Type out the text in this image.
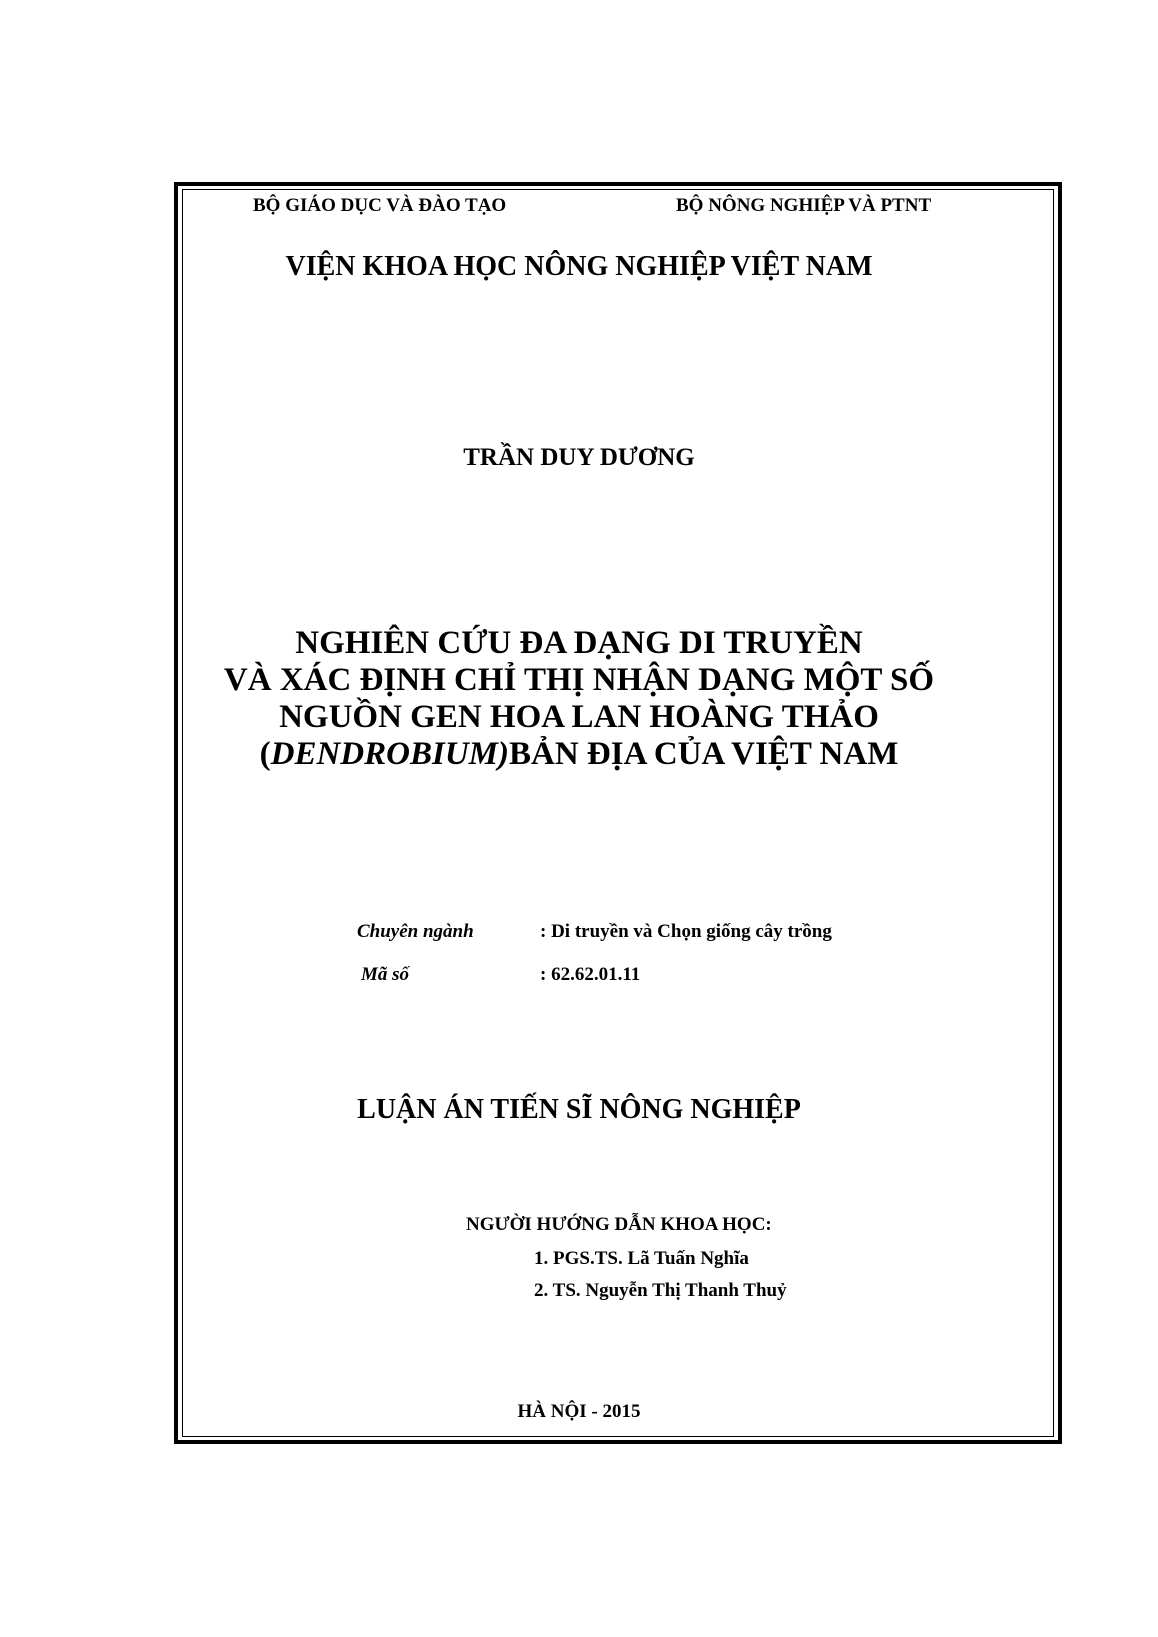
BỘ GIÁO DỤC VÀ ĐÀO TẠO	BỘ NÔNG NGHIỆP VÀ PTNT
VIỆN KHOA HỌC NÔNG NGHIỆP VIỆT NAM
TRẦN DUY DƯƠNG
NGHIÊN CỨU ĐA DẠNG DI TRUYỀN
VÀ XÁC ĐỊNH CHỈ THỊ NHẬN DẠNG MỘT SỐ
NGUỒN GEN HOA LAN HOÀNG THẢO
(DENDROBIUM)BẢN ĐỊA CỦA VIỆT NAM
Chuyên ngành	: Di truyền và Chọn giống cây trồng
Mã số	: 62.62.01.11
LUẬN ÁN TIẾN SĨ NÔNG NGHIỆP
NGƯỜI HƯỚNG DẪN KHOA HỌC:
1. PGS.TS. Lã Tuấn Nghĩa
2. TS. Nguyễn Thị Thanh Thuỷ
HÀ NỘI - 2015
